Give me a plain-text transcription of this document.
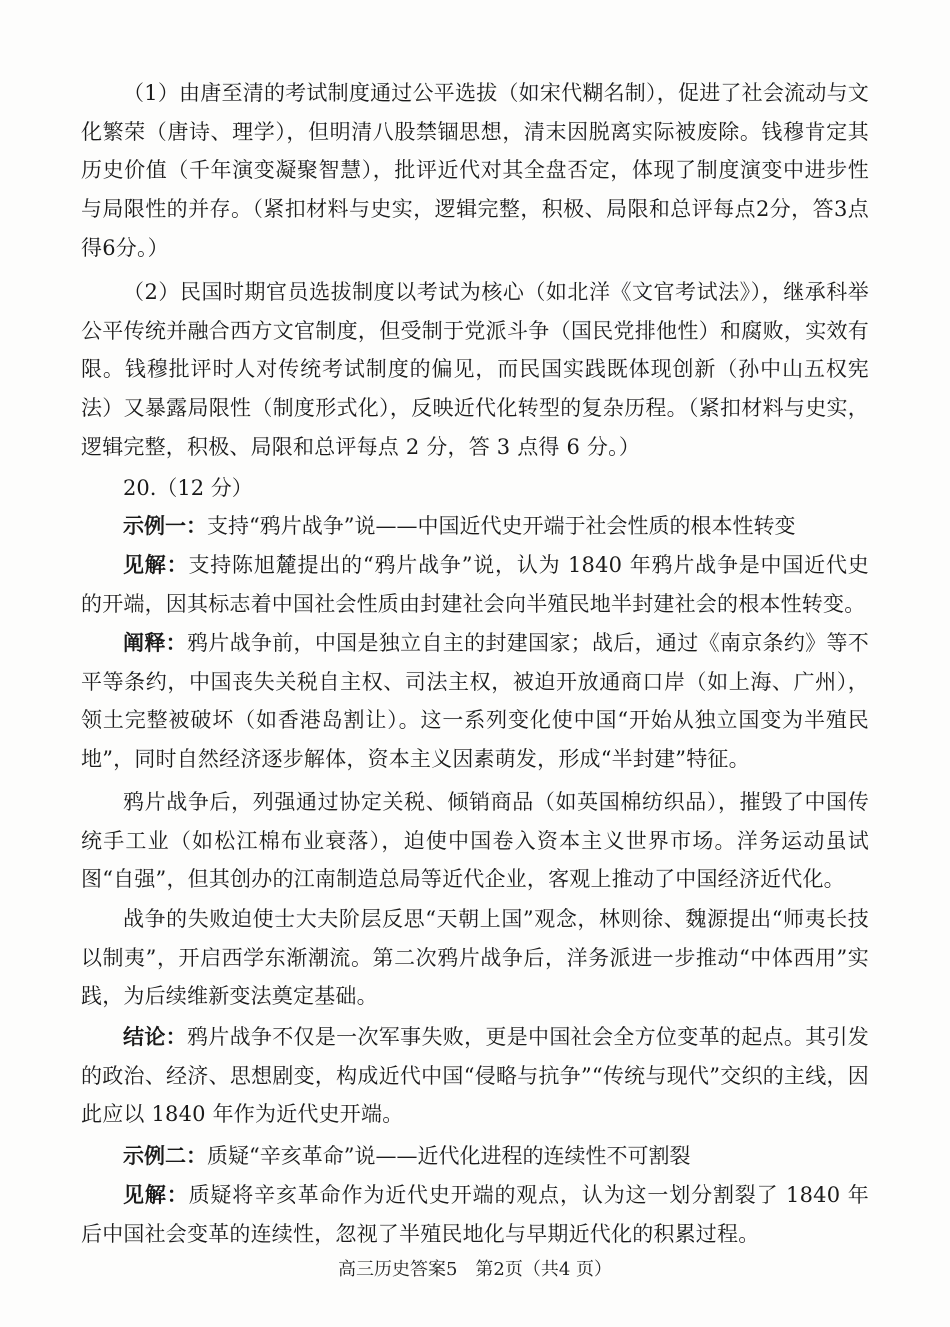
（1）由唐至清的考试制度通过公平选拔（如宋代糊名制），促进了社会流动与文化繁荣（唐诗、理学），但明清八股禁锢思想，清末因脱离实际被废除。钱穆肯定其历史价值（千年演变凝聚智慧），批评近代对其全盘否定，体现了制度演变中进步性与局限性的并存。（紧扣材料与史实，逻辑完整，积极、局限和总评每点2分，答3点得6分。）

（2）民国时期官员选拔制度以考试为核心（如北洋《文官考试法》），继承科举公平传统并融合西方文官制度，但受制于党派斗争（国民党排他性）和腐败，实效有限。钱穆批评时人对传统考试制度的偏见，而民国实践既体现创新（孙中山五权宪法）又暴露局限性（制度形式化），反映近代化转型的复杂历程。（紧扣材料与史实，逻辑完整，积极、局限和总评每点 2 分，答 3 点得 6 分。）

20.（12 分）

示例一：支持“鸦片战争”说——中国近代史开端于社会性质的根本性转变

见解：支持陈旭麓提出的“鸦片战争”说，认为 1840 年鸦片战争是中国近代史的开端，因其标志着中国社会性质由封建社会向半殖民地半封建社会的根本性转变。

阐释：鸦片战争前，中国是独立自主的封建国家；战后，通过《南京条约》等不平等条约，中国丧失关税自主权、司法主权，被迫开放通商口岸（如上海、广州），领土完整被破坏（如香港岛割让）。这一系列变化使中国“开始从独立国变为半殖民地”，同时自然经济逐步解体，资本主义因素萌发，形成“半封建”特征。

鸦片战争后，列强通过协定关税、倾销商品（如英国棉纺织品），摧毁了中国传统手工业（如松江棉布业衰落），迫使中国卷入资本主义世界市场。洋务运动虽试图“自强”，但其创办的江南制造总局等近代企业，客观上推动了中国经济近代化。

战争的失败迫使士大夫阶层反思“天朝上国”观念，林则徐、魏源提出“师夷长技以制夷”，开启西学东渐潮流。第二次鸦片战争后，洋务派进一步推动“中体西用”实践，为后续维新变法奠定基础。

结论：鸦片战争不仅是一次军事失败，更是中国社会全方位变革的起点。其引发的政治、经济、思想剧变，构成近代中国“侵略与抗争”“传统与现代”交织的主线，因此应以 1840 年作为近代史开端。

示例二：质疑“辛亥革命”说——近代化进程的连续性不可割裂

见解：质疑将辛亥革命作为近代史开端的观点，认为这一划分割裂了 1840 年后中国社会变革的连续性，忽视了半殖民地化与早期近代化的积累过程。

高三历史答案5　第2页（共4 页）
